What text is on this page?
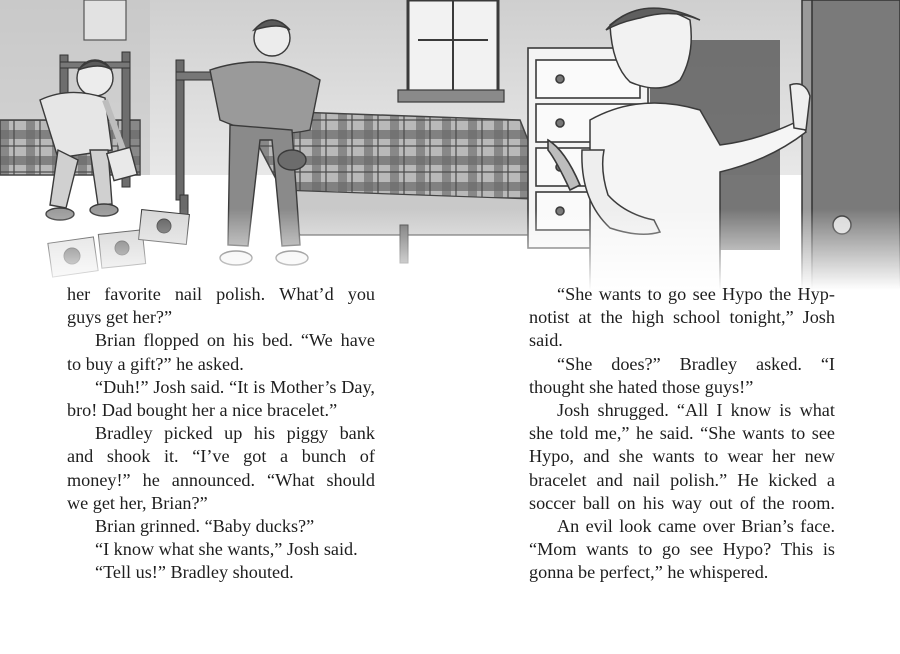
her favorite nail polish. What’d you
guys get her?”
Brian flopped on his bed. “We have
to buy a gift?” he asked.
“Duh!” Josh said. “It is Mother’s Day,
bro! Dad bought her a nice bracelet.”
Bradley picked up his piggy bank
and shook it. “I’ve got a bunch of
money!” he announced. “What should
we get her, Brian?”
Brian grinned. “Baby ducks?”
“I know what she wants,” Josh said.
“Tell us!” Bradley shouted.
“She wants to go see Hypo the Hyp-
notist at the high school tonight,” Josh
said.
“She does?” Bradley asked. “I
thought she hated those guys!”
Josh shrugged. “All I know is what
she told me,” he said. “She wants to see
Hypo, and she wants to wear her new
bracelet and nail polish.” He kicked a
soccer ball on his way out of the room.
An evil look came over Brian’s face.
“Mom wants to go see Hypo? This is
gonna be perfect,” he whispered.
